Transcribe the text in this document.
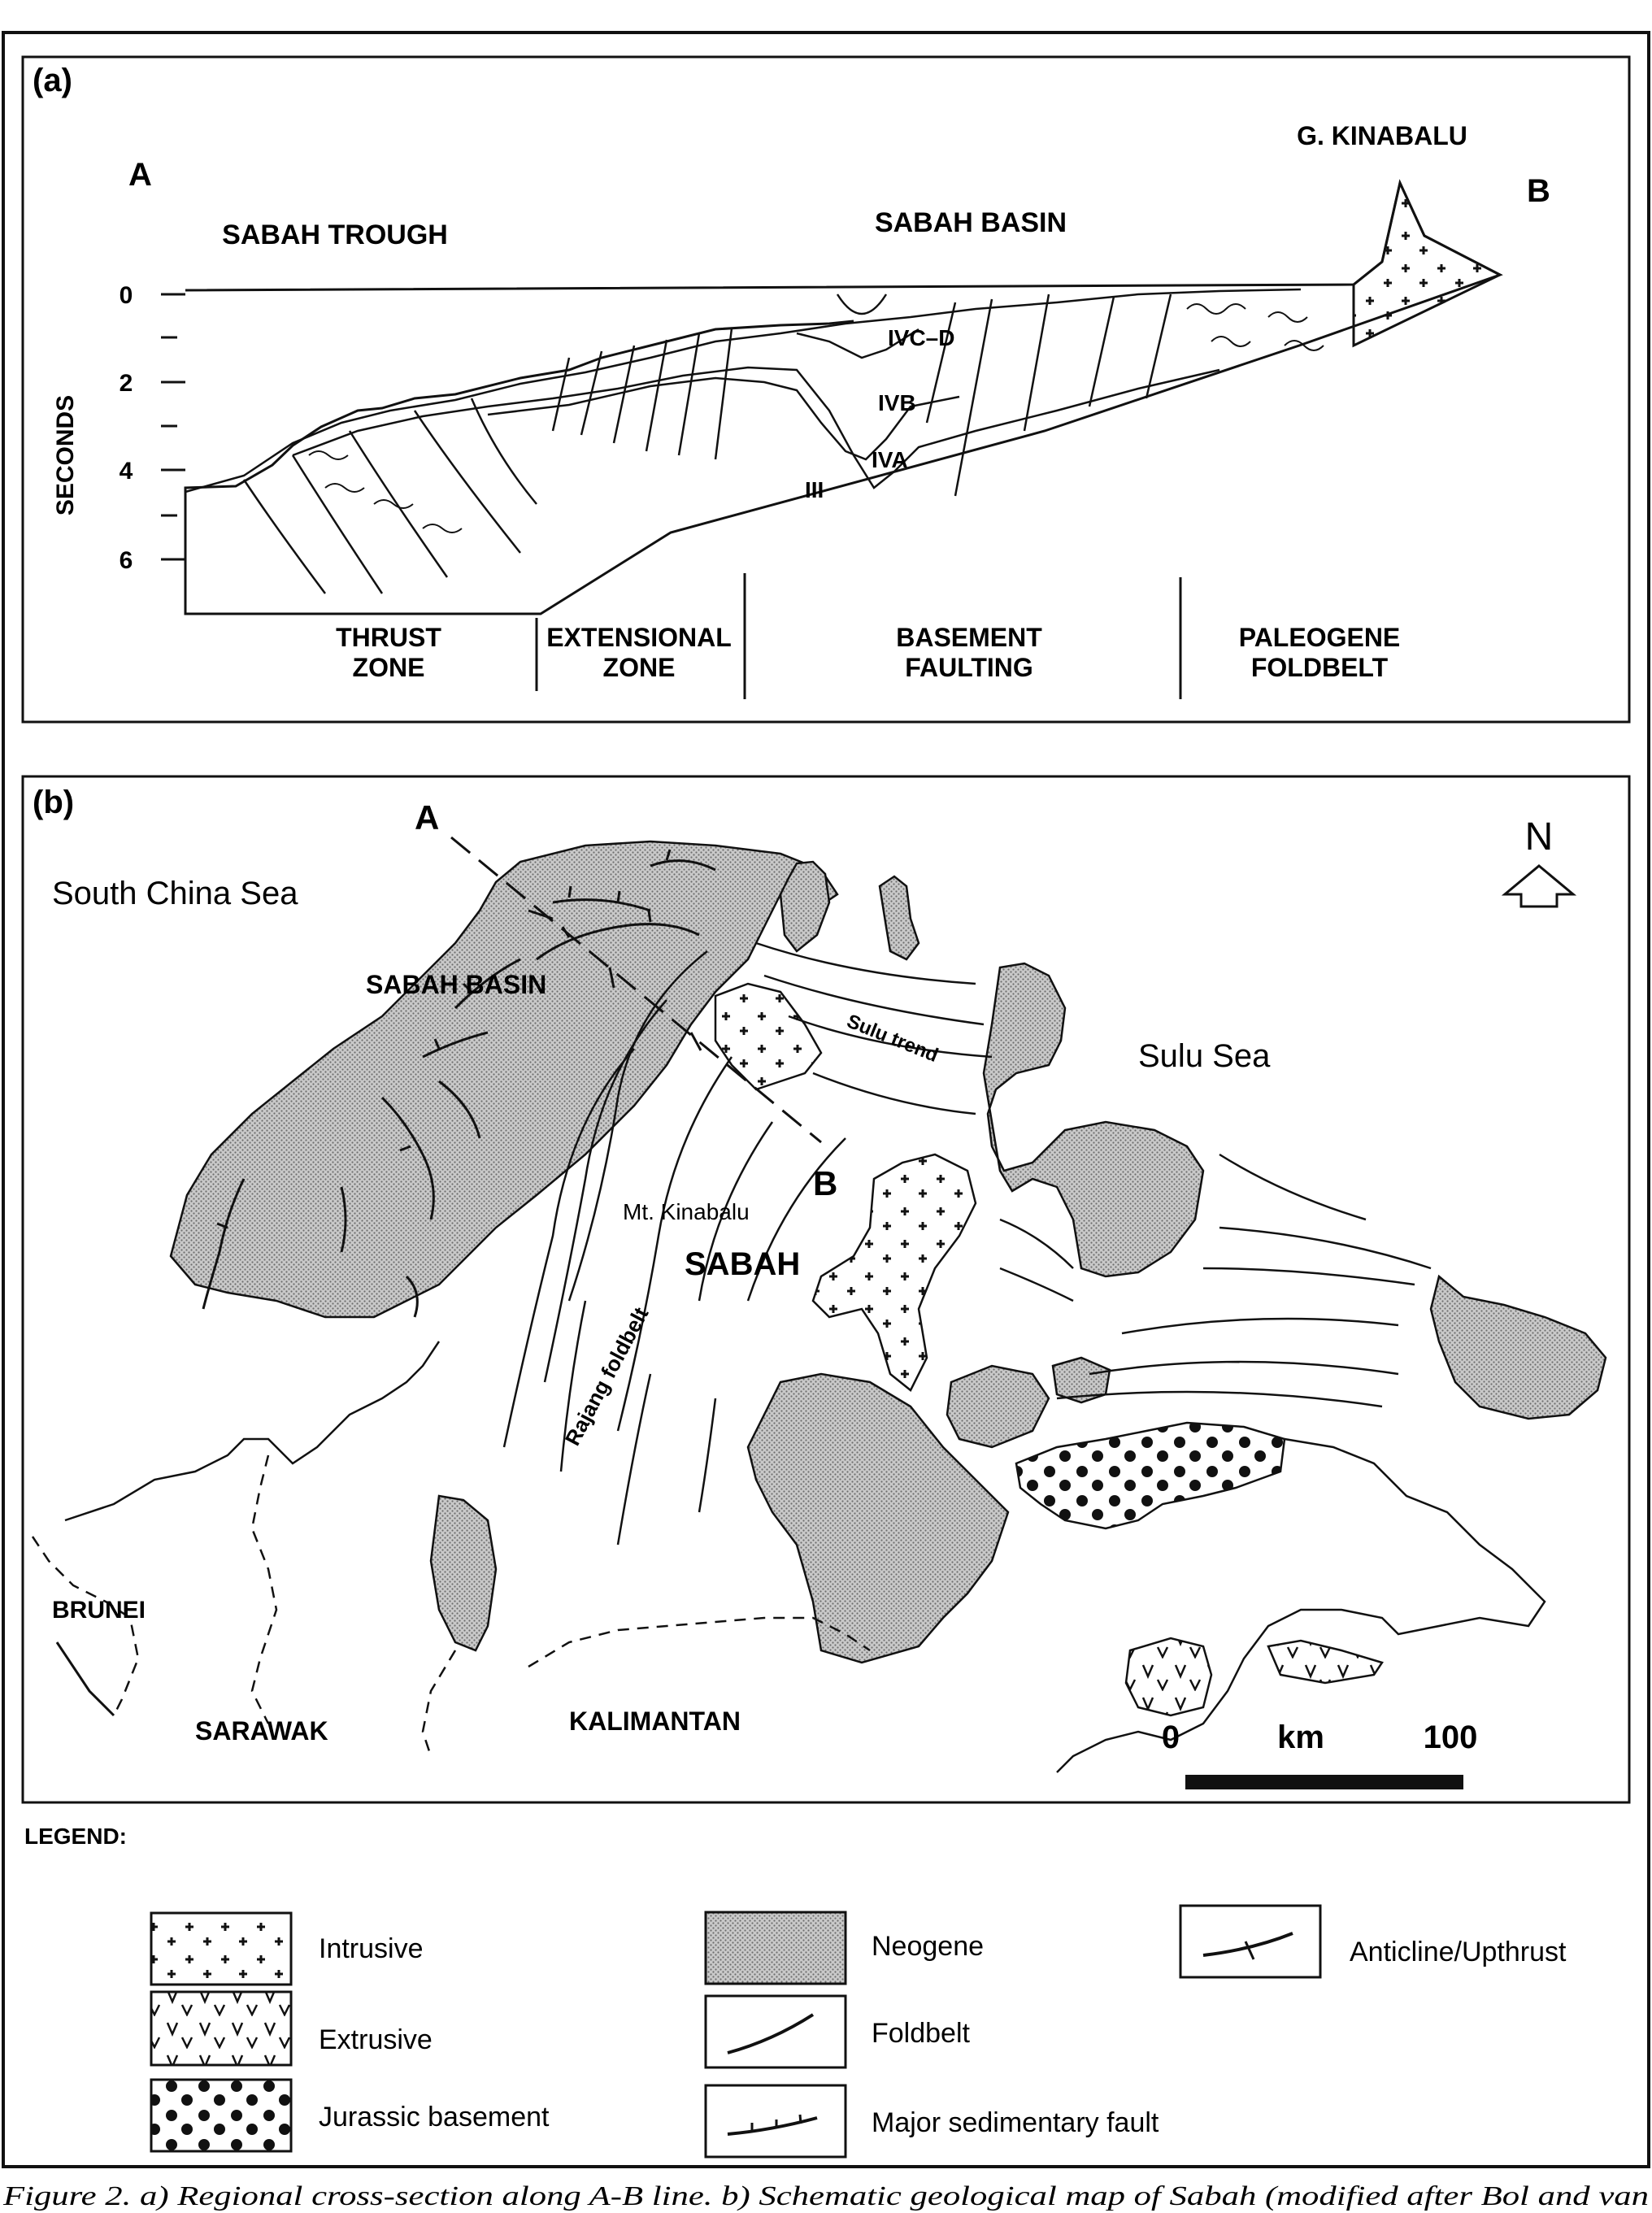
(a)
A	B
G. KINABALU
SABAH TROUGH	SABAH BASIN
SECONDS
0
2
4
6
IVC–D
IVB
IVA
III
THRUST
ZONE
EXTENSIONAL
ZONE
BASEMENT
FAULTING
PALEOGENE
FOLDBELT
(b)	A
B
South China Sea
Sulu Sea
SABAH BASIN
Sulu trend
Rajang foldbelt
Mt. Kinabalu
SABAH
BRUNEI
SARAWAK	KALIMANTAN
N
0	km	100
LEGEND:
Intrusive
Extrusive
Jurassic basement
Neogene
Foldbelt
Major sedimentary fault
Anticline/Upthrust
Figure 2. a) Regional cross-section along A-B line. b) Schematic geological map of Sabah (modified after Bol and van
